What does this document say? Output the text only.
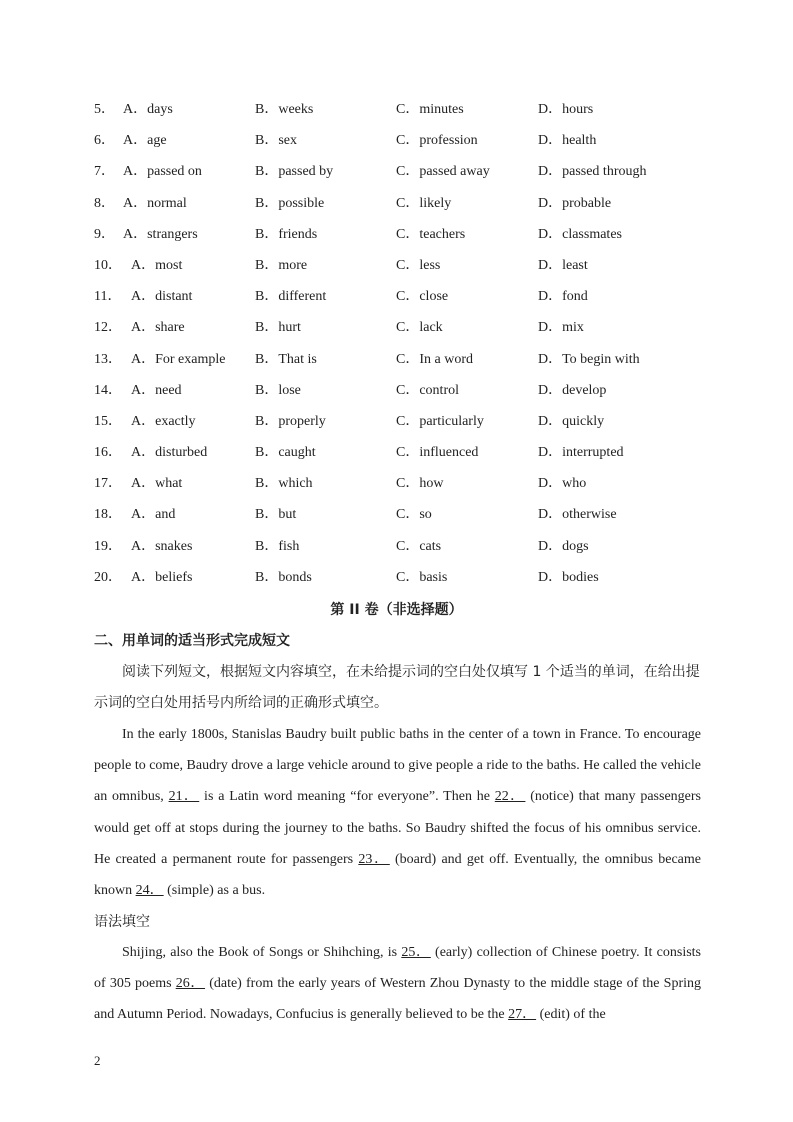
5． A．days	B．weeks	C．minutes	D．hours
6． A．age	B．sex	C．profession	D．health
7． A．passed on	B．passed by	C．passed away	D．passed through
8． A．normal	B．possible	C．likely	D．probable
9． A．strangers	B．friends	C．teachers	D．classmates
10． A．most	B．more	C．less	D．least
11． A．distant	B．different	C．close	D．fond
12． A．share	B．hurt	C．lack	D．mix
13． A．For example B．That is	C．In a word	D．To begin with
14． A．need	B．lose	C．control	D．develop
15． A．exactly	B．properly	C．particularly	D．quickly
16． A．disturbed	B．caught	C．influenced	D．interrupted
17． A．what	B．which	C．how	D．who
18． A．and	B．but	C．so	D．otherwise
19． A．snakes	B．fish	C．cats	D．dogs
20． A．beliefs	B．bonds	C．basis	D．bodies
第 II 卷（非选择题）
二、用单词的适当形式完成短文
阅读下列短文，根据短文内容填空，在未给提示词的空白处仅填写 1 个适当的单词，在给出提示词的空白处用括号内所给词的正确形式填空。
In the early 1800s, Stanislas Baudry built public baths in the center of a town in France. To encourage people to come, Baudry drove a large vehicle around to give people a ride to the baths. He called the vehicle an omnibus, 21． is a Latin word meaning “for everyone”. Then he 22． (notice) that many passengers would get off at stops during the journey to the baths. So Baudry shifted the focus of his omnibus service. He created a permanent route for passengers 23． (board) and get off. Eventually, the omnibus became known 24． (simple) as a bus.
语法填空
Shijing, also the Book of Songs or Shihching, is 25． (early) collection of Chinese poetry. It consists of 305 poems 26． (date) from the early years of Western Zhou Dynasty to the middle stage of the Spring and Autumn Period. Nowadays, Confucius is generally believed to be the 27． (edit) of the
2
